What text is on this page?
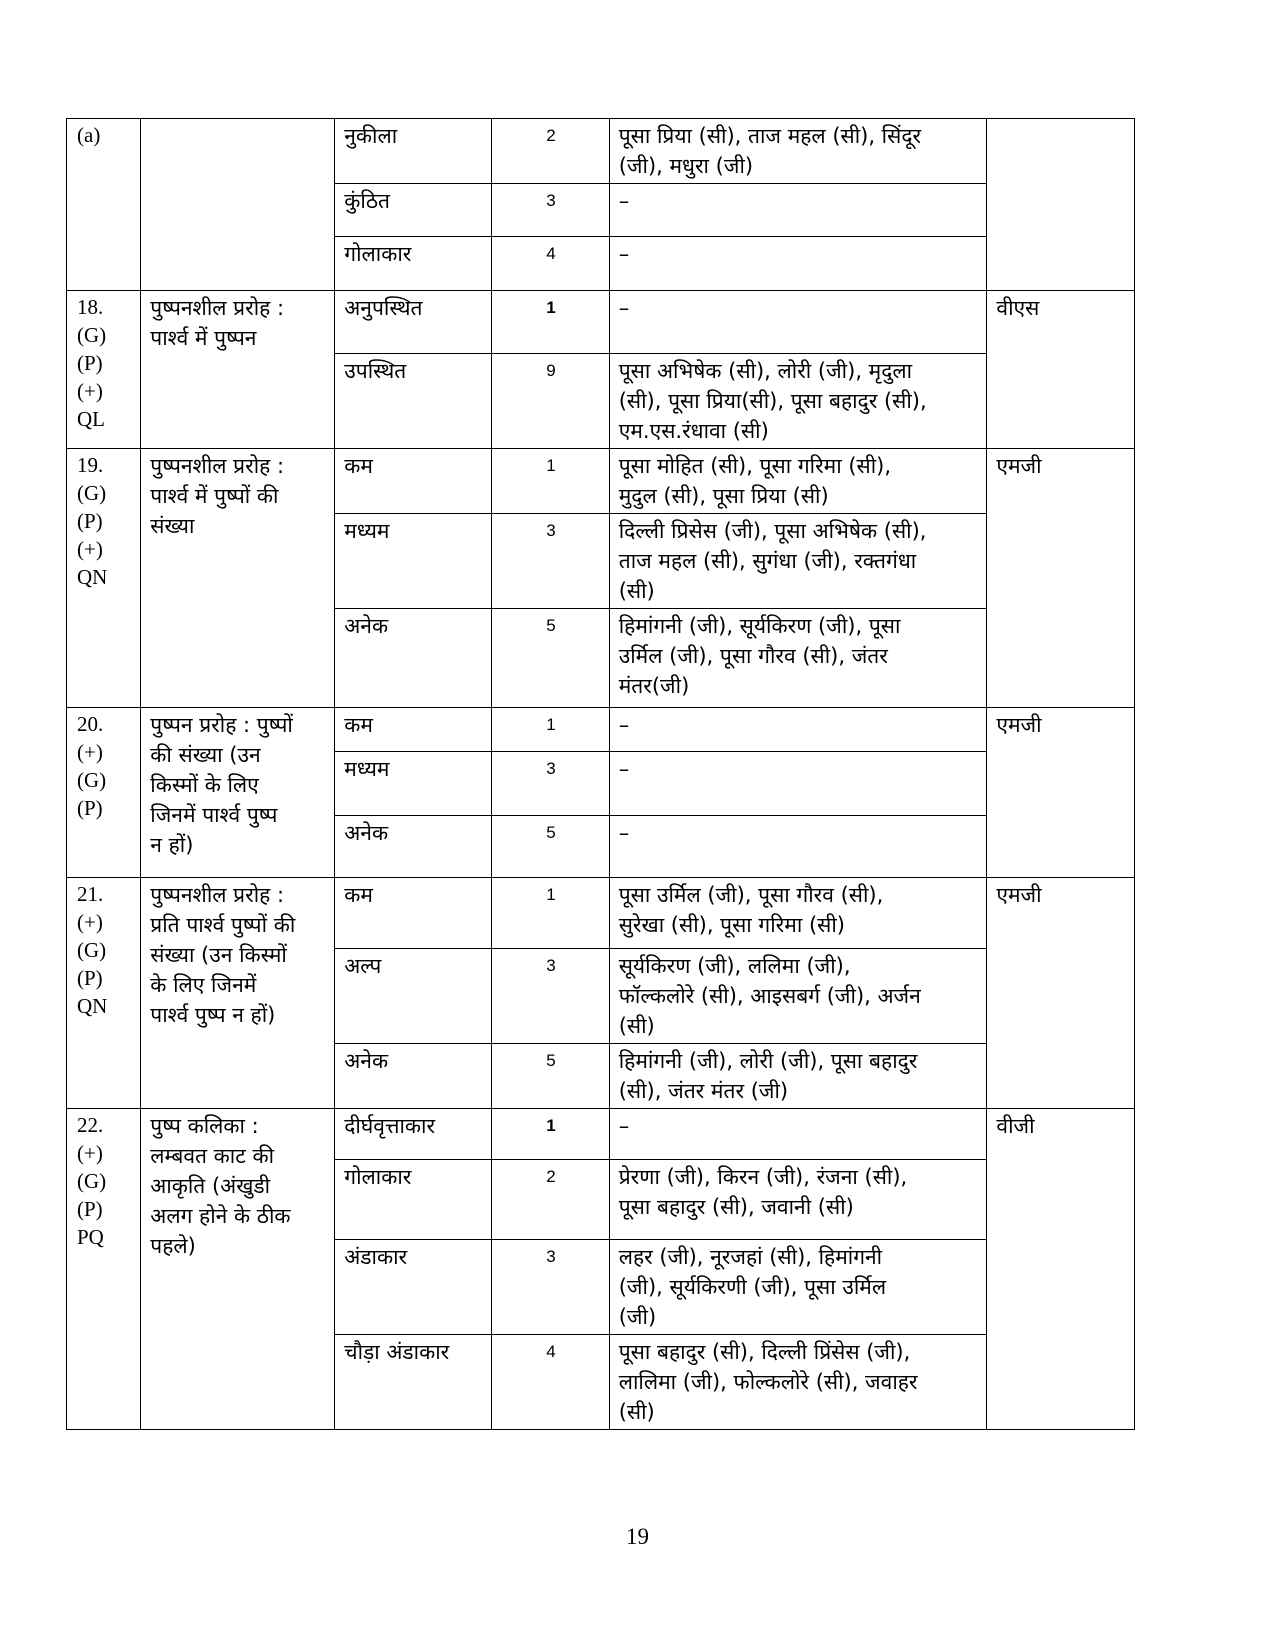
(a)		नुकीला	2	पूसा प्रिया (सी), ताज महल (सी), सिंदूर
(जी), मधुरा (जी)	

		कुंठित	3	–	

		गोलाकार	4	–	

18.
(G)
(P)
(+)
QL	पुष्पनशील प्ररोह :
पार्श्व में पुष्पन	अनुपस्थित	1	–	वीएस
		उपस्थित	9	पूसा अभिषेक (सी), लोरी (जी), मृदुला
(सी), पूसा प्रिया(सी), पूसा बहादुर (सी),
एम.एस.रंधावा (सी)	

19.
(G)
(P)
(+)
QN	पुष्पनशील प्ररोह :
पार्श्व में पुष्पों की
संख्या	कम	1	पूसा मोहित (सी), पूसा गरिमा (सी),
मुदुल (सी), पूसा प्रिया (सी)	एमजी
		मध्यम	3	दिल्ली प्रिसेस (जी), पूसा अभिषेक (सी),
ताज महल (सी), सुगंधा (जी), रक्तगंधा
(सी)	

		अनेक	5	हिमांगनी (जी), सूर्यकिरण (जी), पूसा
उर्मिल (जी), पूसा गौरव (सी), जंतर
मंतर(जी)	

20.
(+)
(G)
(P)	पुष्पन प्ररोह : पुष्पों
की संख्या (उन
किस्मों के लिए
जिनमें पार्श्व पुष्प
न हों)	कम	1	–	एमजी
		मध्यम	3	–	

		अनेक	5	–	

21.
(+)
(G)
(P)
QN	पुष्पनशील प्ररोह :
प्रति पार्श्व पुष्पों की
संख्या (उन किस्मों
के लिए जिनमें
पार्श्व पुष्प न हों)	कम	1	पूसा उर्मिल (जी), पूसा गौरव (सी),
सुरेखा (सी), पूसा गरिमा (सी)	एमजी
		अल्प	3	सूर्यकिरण (जी), ललिमा (जी),
फॉल्कलोरे (सी), आइसबर्ग (जी), अर्जन
(सी)	

		अनेक	5	हिमांगनी (जी), लोरी (जी), पूसा बहादुर
(सी), जंतर मंतर (जी)	

22.
(+)
(G)
(P)
PQ	पुष्प कलिका :
लम्बवत काट की
आकृति (अंखुडी
अलग होने के ठीक
पहले)	दीर्घवृत्ताकार	1	–	वीजी
		गोलाकार	2	प्रेरणा (जी), किरन (जी), रंजना (सी),
पूसा बहादुर (सी), जवानी (सी)	

		अंडाकार	3	लहर (जी), नूरजहां (सी), हिमांगनी
(जी), सूर्यकिरणी (जी), पूसा उर्मिल
(जी)	

		चौड़ा अंडाकार	4	पूसा बहादुर (सी), दिल्ली प्रिंसेस (जी),
लालिमा (जी), फोल्कलोरे (सी), जवाहर
(सी)	
19
